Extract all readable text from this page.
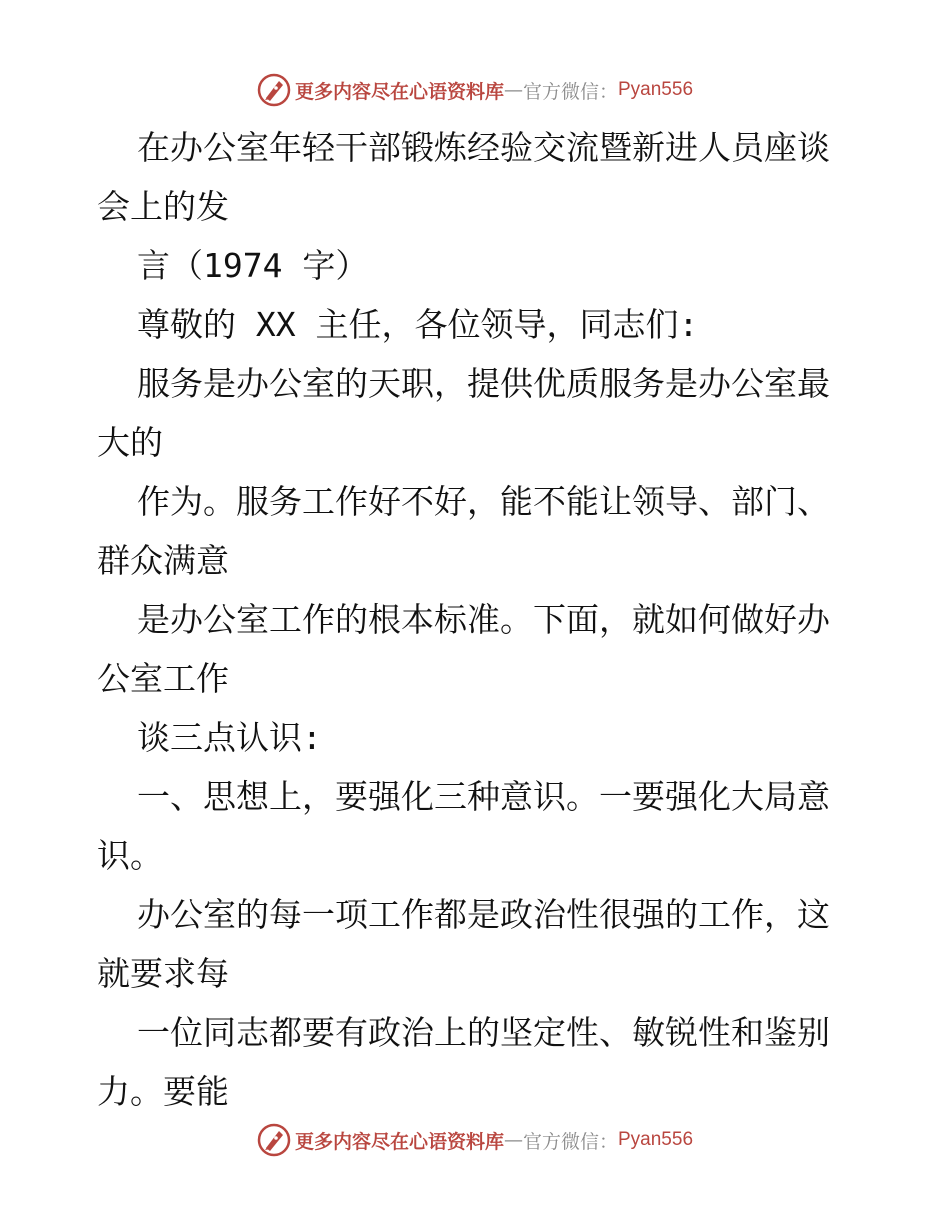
更多内容尽在心语资料库 — 官方微信： Pyan556
在办公室年轻干部锻炼经验交流暨新进人员座谈
会上的发
言（1974 字）
尊敬的 XX 主任，各位领导，同志们:
服务是办公室的天职，提供优质服务是办公室最
大的
作为。服务工作好不好，能不能让领导、部门、
群众满意
是办公室工作的根本标准。下面，就如何做好办
公室工作
谈三点认识:
一、思想上，要强化三种意识。一要强化大局意
识。
办公室的每一项工作都是政治性很强的工作，这
就要求每
一位同志都要有政治上的坚定性、敏锐性和鉴别
力。要能
更多内容尽在心语资料库 — 官方微信： Pyan556
